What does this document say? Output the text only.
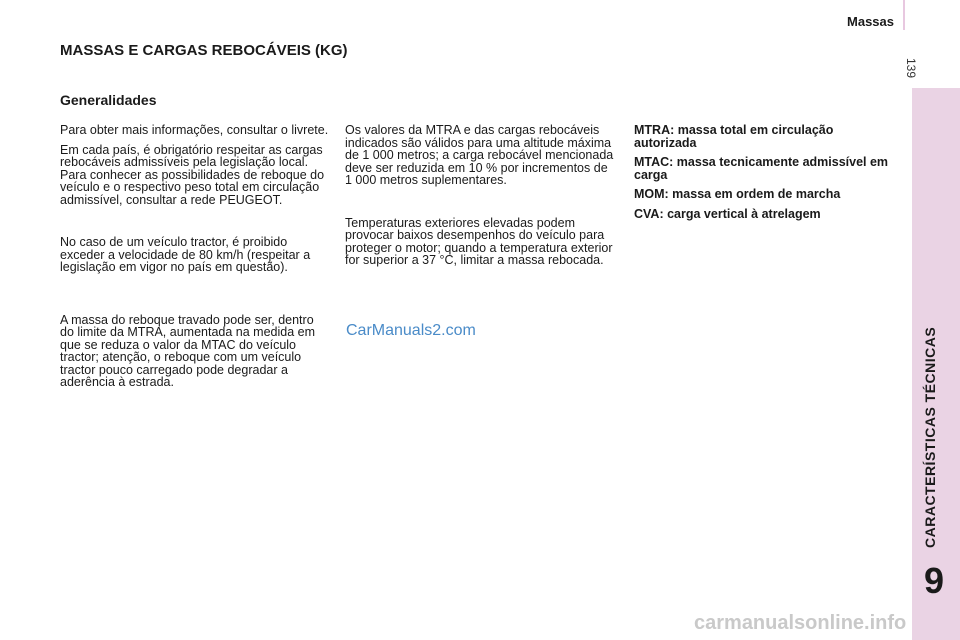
Massas
139
CARACTERÍSTICAS TÉCNICAS
9
MASSAS E CARGAS REBOCÁVEIS (KG)
Generalidades

Para obter mais informações, consultar o livrete.

Em cada país, é obrigatório respeitar as cargas rebocáveis admissíveis pela legislação local. Para conhecer as possibilidades de reboque do veículo e o respectivo peso total em circulação admissível, consultar a rede PEUGEOT.

No caso de um veículo tractor, é proibido exceder a velocidade de 80 km/h (respeitar a legislação em vigor no país em questão).

A massa do reboque travado pode ser, dentro do limite da MTRA, aumentada na medida em que se reduza o valor da MTAC do veículo tractor; atenção, o reboque com um veículo tractor pouco carregado pode degradar a aderência à estrada.

Os valores da MTRA e das cargas rebocáveis indicados são válidos para uma altitude máxima de 1 000 metros; a carga rebocável mencionada deve ser reduzida em 10 % por incrementos de 1 000 metros suplementares.

Temperaturas exteriores elevadas podem provocar baixos desempenhos do veículo para proteger o motor; quando a temperatura exterior for superior a 37 °C, limitar a massa rebocada.

MTRA: massa total em circulação autorizada

MTAC: massa tecnicamente admissível em carga

MOM: massa em ordem de marcha

CVA: carga vertical à atrelagem

CarManuals2.com
carmanualsonline.info
